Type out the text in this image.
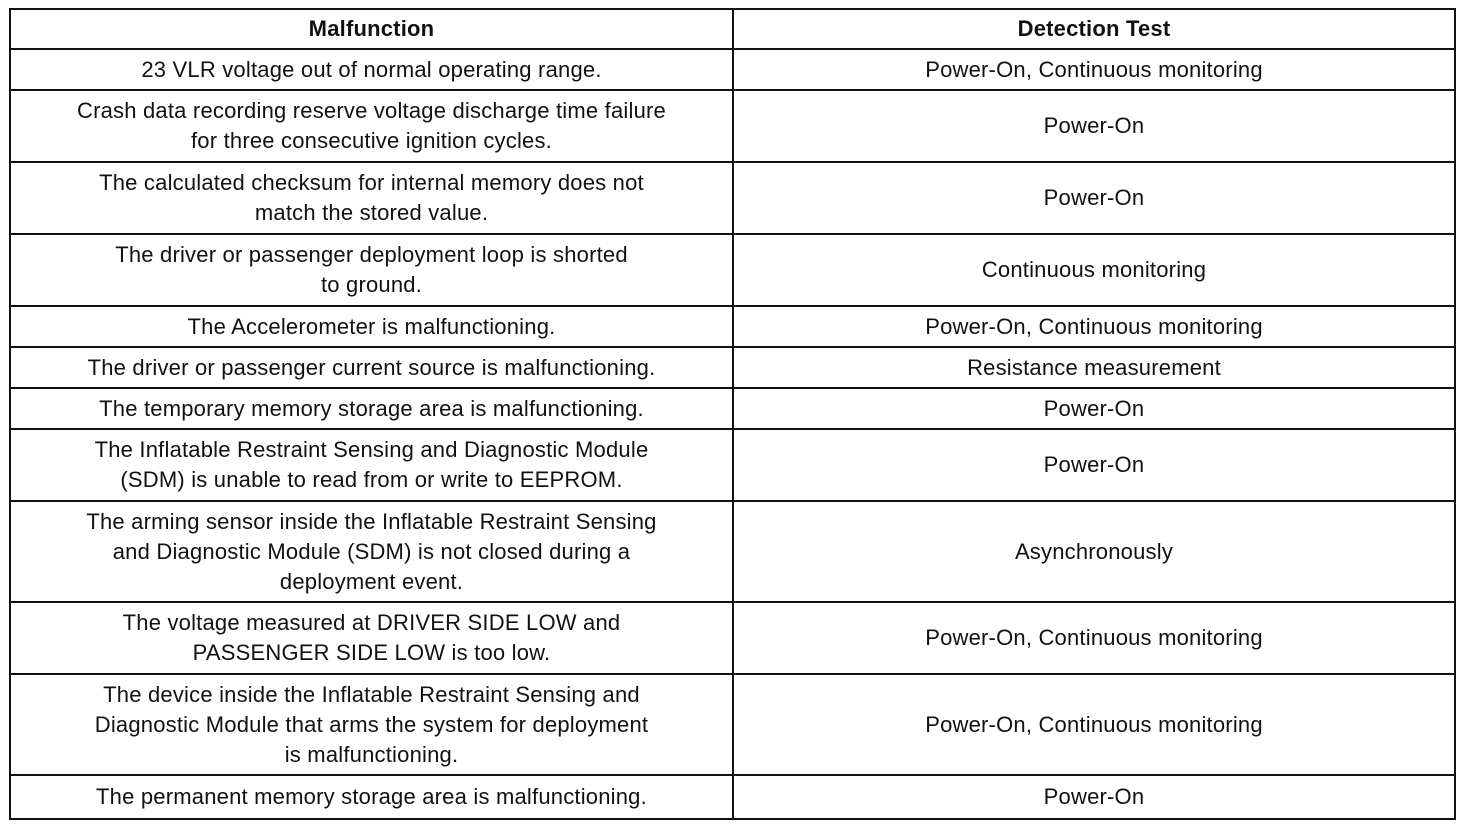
Malfunction	Detection Test
23 VLR voltage out of normal operating range.	Power-On, Continuous monitoring
Crash data recording reserve voltage discharge time failure
for three consecutive ignition cycles.	Power-On
The calculated checksum for internal memory does not
match the stored value.	Power-On
The driver or passenger deployment loop is shorted
to ground.	Continuous monitoring
The Accelerometer is malfunctioning.	Power-On, Continuous monitoring
The driver or passenger current source is malfunctioning.	Resistance measurement
The temporary memory storage area is malfunctioning.	Power-On
The Inflatable Restraint Sensing and Diagnostic Module
(SDM) is unable to read from or write to EEPROM.	Power-On
The arming sensor inside the Inflatable Restraint Sensing
and Diagnostic Module (SDM) is not closed during a
deployment event.	Asynchronously
The voltage measured at DRIVER SIDE LOW and
PASSENGER SIDE LOW is too low.	Power-On, Continuous monitoring
The device inside the Inflatable Restraint Sensing and
Diagnostic Module that arms the system for deployment
is malfunctioning.	Power-On, Continuous monitoring
The permanent memory storage area is malfunctioning.	Power-On
